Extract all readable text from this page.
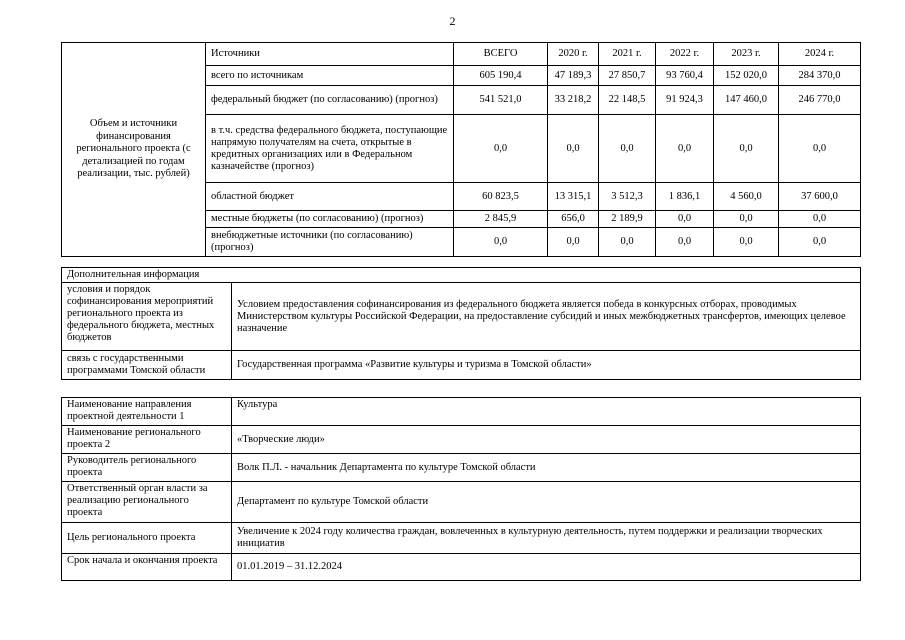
2
Объем и источники финансирования регионального проекта (с детализацией по годам реализации, тыс. рублей)	Источники	ВСЕГО	2020 г.	2021 г.	2022 г.	2023 г.	2024 г.
	всего по источникам	605 190,4	47 189,3	27 850,7	93 760,4	152 020,0	284 370,0
	федеральный бюджет (по согласованию) (прогноз)	541 521,0	33 218,2	22 148,5	91 924,3	147 460,0	246 770,0
	в т.ч. средства федерального бюджета, поступающие напрямую получателям на счета, открытые в кредитных организациях или в Федеральном казначействе (прогноз)	0,0	0,0	0,0	0,0	0,0	0,0
	областной бюджет	60 823,5	13 315,1	3 512,3	1 836,1	4 560,0	37 600,0
	местные бюджеты (по согласованию) (прогноз)	2 845,9	656,0	2 189,9	0,0	0,0	0,0
	внебюджетные источники (по согласованию) (прогноз)	0,0	0,0	0,0	0,0	0,0	0,0
Дополнительная информация	
условия и порядок софинансирования мероприятий регионального проекта из федерального бюджета, местных бюджетов	Условием предоставления софинансирования из федерального бюджета является победа в конкурсных отборах, проводимых Министерством культуры Российской Федерации, на предоставление субсидий и иных межбюджетных трансфертов, имеющих целевое назначение
связь с государственными программами Томской области	Государственная программа «Развитие культуры и туризма в Томской области»
Наименование направления проектной деятельности 1	Культура
Наименование регионального проекта 2	«Творческие люди»
Руководитель регионального проекта	Волк П.Л. - начальник Департамента по культуре Томской области
Ответственный орган власти за реализацию регионального проекта	Департамент по культуре Томской области
Цель регионального проекта	Увеличение к 2024 году количества граждан, вовлеченных в культурную деятельность, путем поддержки и реализации творческих инициатив
Срок начала и окончания проекта	01.01.2019 – 31.12.2024
